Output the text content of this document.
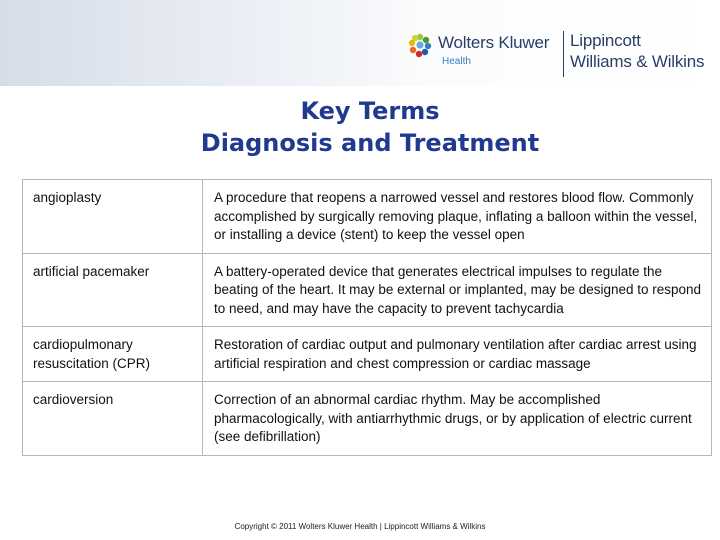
Wolters Kluwer
Health
Lippincott
Williams & Wilkins
Key Terms
Diagnosis and Treatment
angioplasty	A procedure that reopens a narrowed vessel and restores blood flow. Commonly accomplished by surgically removing plaque, inflating a balloon within the vessel, or installing a device (stent) to keep the vessel open
artificial pacemaker	A battery-operated device that generates electrical impulses to regulate the beating of the heart. It may be external or implanted, may be designed to respond to need, and may have the capacity to prevent tachycardia
cardiopulmonary resuscitation (CPR)	Restoration of cardiac output and pulmonary ventilation after cardiac arrest using artificial respiration and chest compression or cardiac massage
cardioversion	Correction of an abnormal cardiac rhythm. May be accomplished pharmacologically, with antiarrhythmic drugs, or by application of electric current (see defibrillation)
Copyright © 2011 Wolters Kluwer Health | Lippincott Williams & Wilkins
